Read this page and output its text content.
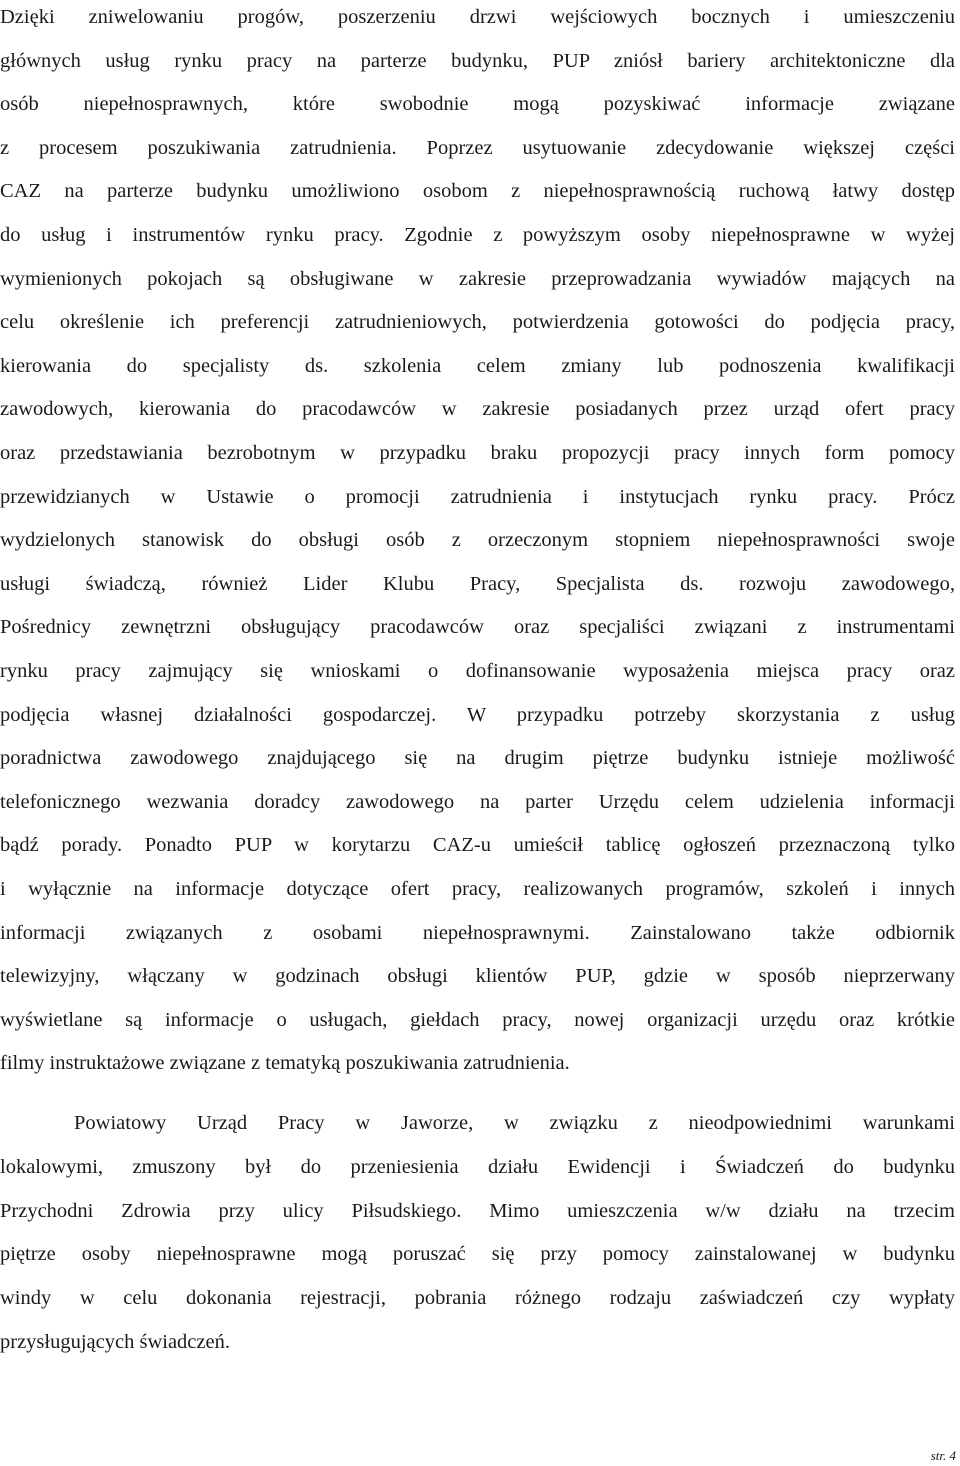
Dzięki zniwelowaniu progów, poszerzeniu drzwi wejściowych bocznych i umieszczeniu
głównych usług rynku pracy na parterze budynku, PUP zniósł bariery architektoniczne dla
osób niepełnosprawnych, które swobodnie mogą pozyskiwać informacje związane
z procesem poszukiwania zatrudnienia. Poprzez usytuowanie zdecydowanie większej części
CAZ na parterze budynku umożliwiono osobom z niepełnosprawnością ruchową łatwy dostęp
do usług i instrumentów rynku pracy. Zgodnie z powyższym osoby niepełnosprawne w wyżej
wymienionych pokojach są obsługiwane w zakresie przeprowadzania wywiadów mających na
celu określenie ich preferencji zatrudnieniowych, potwierdzenia gotowości do podjęcia pracy,
kierowania do specjalisty ds. szkolenia celem zmiany lub podnoszenia kwalifikacji
zawodowych, kierowania do pracodawców w zakresie posiadanych przez urząd ofert pracy
oraz przedstawiania bezrobotnym w przypadku braku propozycji pracy innych form pomocy
przewidzianych w Ustawie o promocji zatrudnienia i instytucjach rynku pracy. Prócz
wydzielonych stanowisk do obsługi osób z orzeczonym stopniem niepełnosprawności swoje
usługi świadczą, również Lider Klubu Pracy, Specjalista ds. rozwoju zawodowego,
Pośrednicy zewnętrzni obsługujący pracodawców oraz specjaliści związani z instrumentami
rynku pracy zajmujący się wnioskami o dofinansowanie wyposażenia miejsca pracy oraz
podjęcia własnej działalności gospodarczej. W przypadku potrzeby skorzystania z usług
poradnictwa zawodowego znajdującego się na drugim piętrze budynku istnieje możliwość
telefonicznego wezwania doradcy zawodowego na parter Urzędu celem udzielenia informacji
bądź porady. Ponadto PUP w korytarzu CAZ-u umieścił tablicę ogłoszeń przeznaczoną tylko
i wyłącznie na informacje dotyczące ofert pracy, realizowanych programów, szkoleń i innych
informacji związanych z osobami niepełnosprawnymi. Zainstalowano także odbiornik
telewizyjny, włączany w godzinach obsługi klientów PUP, gdzie w sposób nieprzerwany
wyświetlane są informacje o usługach, giełdach pracy, nowej organizacji urzędu oraz krótkie
filmy instruktażowe związane z tematyką poszukiwania zatrudnienia.
Powiatowy Urząd Pracy w Jaworze, w związku z nieodpowiednimi warunkami
lokalowymi, zmuszony był do przeniesienia działu Ewidencji i Świadczeń do budynku
Przychodni Zdrowia przy ulicy Piłsudskiego. Mimo umieszczenia w/w działu na trzecim
piętrze osoby niepełnosprawne mogą poruszać się przy pomocy zainstalowanej w budynku
windy w celu dokonania rejestracji, pobrania różnego rodzaju zaświadczeń czy wypłaty
przysługujących świadczeń.
str. 4
